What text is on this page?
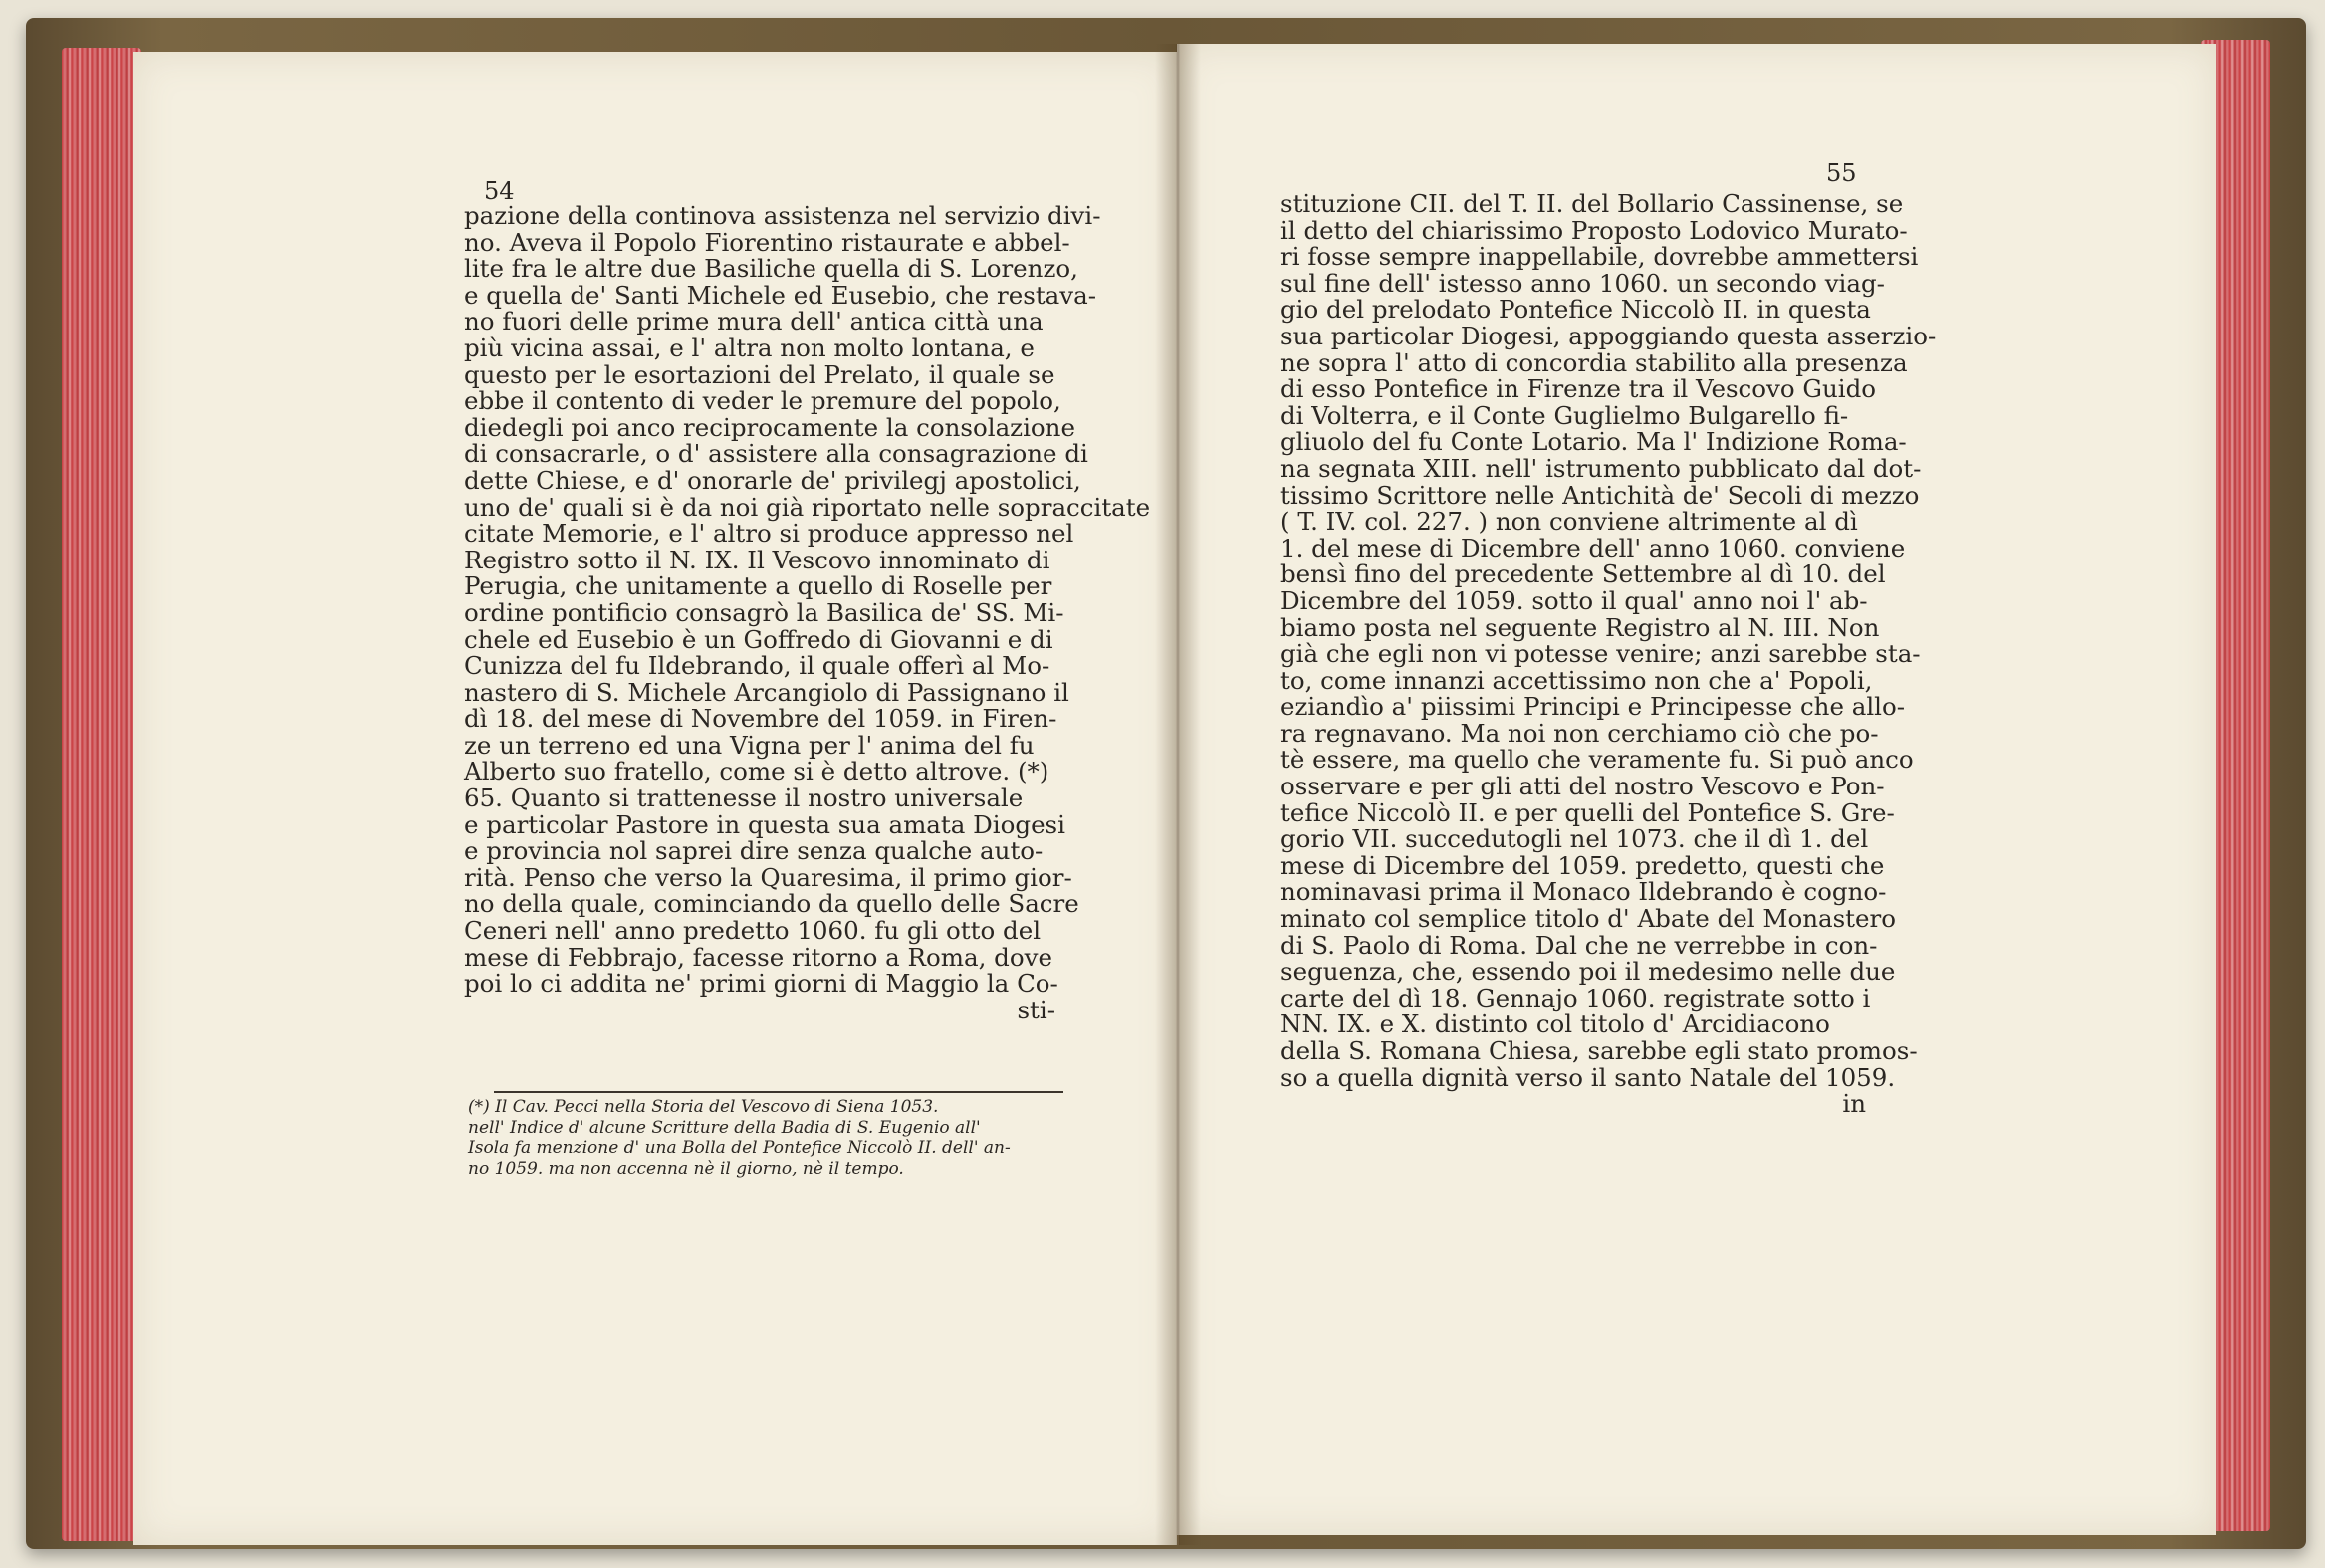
54
55
pazione della continova assistenza nel servizio divi-
no. Aveva il Popolo Fiorentino ristaurate e abbel-
lite fra le altre due Basiliche quella di S. Lorenzo,
e quella de' Santi Michele ed Eusebio, che restava-
no fuori delle prime mura dell' antica città una
più vicina assai, e l' altra non molto lontana, e
questo per le esortazioni del Prelato, il quale se
ebbe il contento di veder le premure del popolo,
diedegli poi anco reciprocamente la consolazione
di consacrarle, o d' assistere alla consagrazione di
dette Chiese, e d' onorarle de' privilegj apostolici,
uno de' quali si è da noi già riportato nelle sopraccitate
citate Memorie, e l' altro si produce appresso nel
Registro sotto il N. IX. Il Vescovo innominato di
Perugia, che unitamente a quello di Roselle per
ordine pontificio consagrò la Basilica de' SS. Mi-
chele ed Eusebio è un Goffredo di Giovanni e di
Cunizza del fu Ildebrando, il quale offerì al Mo-
nastero di S. Michele Arcangiolo di Passignano il
dì 18. del mese di Novembre del 1059. in Firen-
ze un terreno ed una Vigna per l' anima del fu
Alberto suo fratello, come si è detto altrove. (*)
65. Quanto si trattenesse il nostro universale
e particolar Pastore in questa sua amata Diogesi
e provincia nol saprei dire senza qualche auto-
rità. Penso che verso la Quaresima, il primo gior-
no della quale, cominciando da quello delle Sacre
Ceneri nell' anno predetto 1060. fu gli otto del
mese di Febbrajo, facesse ritorno a Roma, dove
poi lo ci addita ne' primi giorni di Maggio la Co-
sti-
(*) Il Cav. Pecci nella Storia del Vescovo di Siena 1053.
nell' Indice d' alcune Scritture della Badia di S. Eugenio all'
Isola fa menzione d' una Bolla del Pontefice Niccolò II. dell' an-
no 1059. ma non accenna nè il giorno, nè il tempo.
stituzione CII. del T. II. del Bollario Cassinense, se
il detto del chiarissimo Proposto Lodovico Murato-
ri fosse sempre inappellabile, dovrebbe ammettersi
sul fine dell' istesso anno 1060. un secondo viag-
gio del prelodato Pontefice Niccolò II. in questa
sua particolar Diogesi, appoggiando questa asserzio-
ne sopra l' atto di concordia stabilito alla presenza
di esso Pontefice in Firenze tra il Vescovo Guido
di Volterra, e il Conte Guglielmo Bulgarello fi-
gliuolo del fu Conte Lotario. Ma l' Indizione Roma-
na segnata XIII. nell' istrumento pubblicato dal dot-
tissimo Scrittore nelle Antichità de' Secoli di mezzo
( T. IV. col. 227. ) non conviene altrimente al dì
1. del mese di Dicembre dell' anno 1060. conviene
bensì fino del precedente Settembre al dì 10. del
Dicembre del 1059. sotto il qual' anno noi l' ab-
biamo posta nel seguente Registro al N. III. Non
già che egli non vi potesse venire; anzi sarebbe sta-
to, come innanzi accettissimo non che a' Popoli,
eziandìo a' piissimi Principi e Principesse che allo-
ra regnavano. Ma noi non cerchiamo ciò che po-
tè essere, ma quello che veramente fu. Si può anco
osservare e per gli atti del nostro Vescovo e Pon-
tefice Niccolò II. e per quelli del Pontefice S. Gre-
gorio VII. succedutogli nel 1073. che il dì 1. del
mese di Dicembre del 1059. predetto, questi che
nominavasi prima il Monaco Ildebrando è cogno-
minato col semplice titolo d' Abate del Monastero
di S. Paolo di Roma. Dal che ne verrebbe in con-
seguenza, che, essendo poi il medesimo nelle due
carte del dì 18. Gennajo 1060. registrate sotto i
NN. IX. e X. distinto col titolo d' Arcidiacono
della S. Romana Chiesa, sarebbe egli stato promos-
so a quella dignità verso il santo Natale del 1059.
in
